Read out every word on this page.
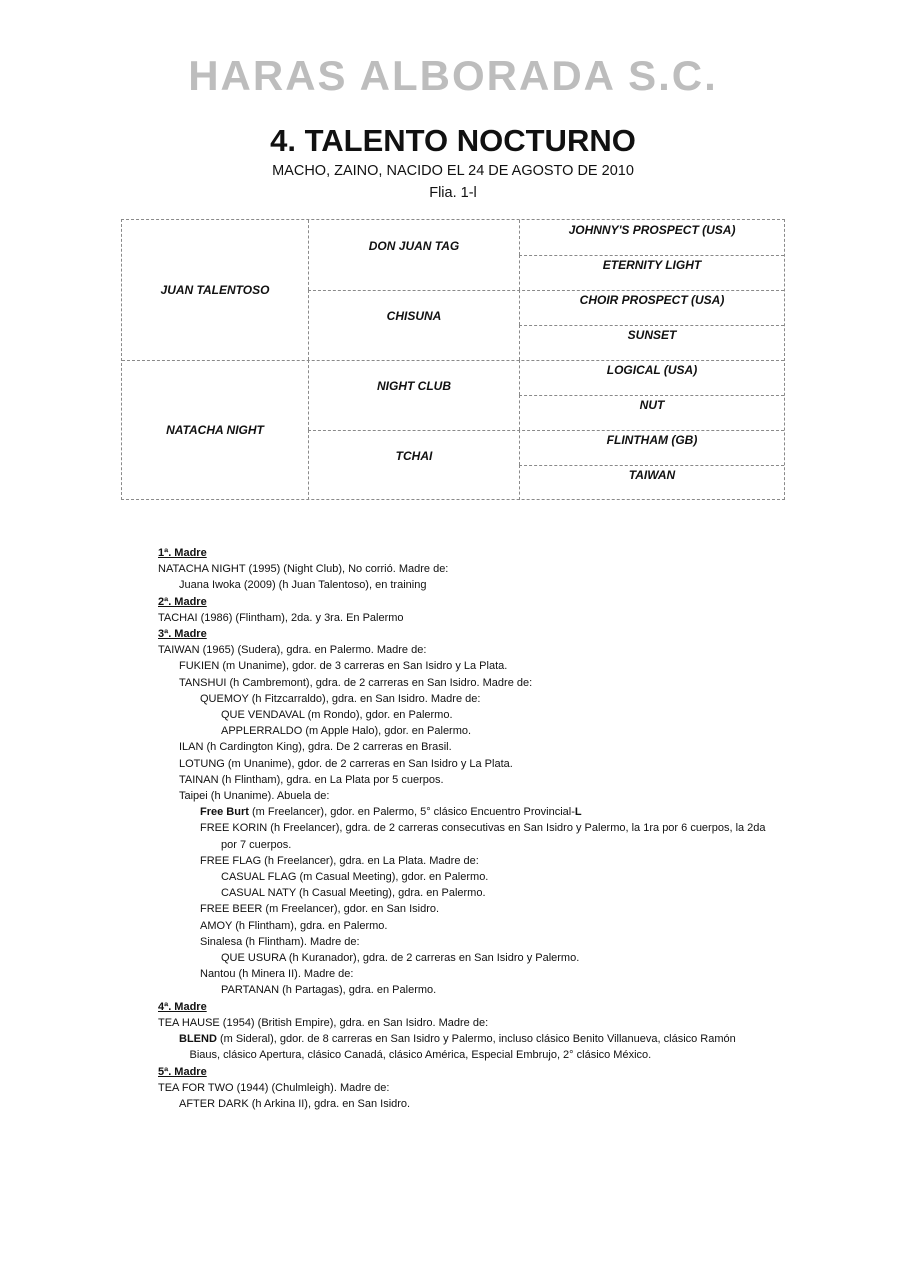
HARAS ALBORADA S.C.
4. TALENTO NOCTURNO
MACHO, ZAINO, NACIDO EL 24 DE AGOSTO DE 2010
Flia. 1-l
JUAN TALENTOSO
NATACHA NIGHT
DON JUAN TAG
CHISUNA
NIGHT CLUB
TCHAI
JOHNNY'S PROSPECT (USA)
ETERNITY LIGHT
CHOIR PROSPECT (USA)
SUNSET
LOGICAL (USA)
NUT
FLINTHAM (GB)
TAIWAN
1ª. Madre
NATACHA NIGHT (1995) (Night Club), No corrió. Madre de:
Juana Iwoka (2009) (h Juan Talentoso), en training
2ª. Madre
TACHAI (1986) (Flintham), 2da. y 3ra. En Palermo
3ª. Madre
TAIWAN (1965) (Sudera), gdra. en Palermo. Madre de:
FUKIEN (m Unanime), gdor. de 3 carreras en San Isidro y La Plata.
TANSHUI (h Cambremont), gdra. de 2 carreras en San Isidro. Madre de:
QUEMOY (h Fitzcarraldo), gdra. en San Isidro. Madre de:
QUE VENDAVAL (m Rondo), gdor. en Palermo.
APPLERRALDO (m Apple Halo), gdor. en Palermo.
ILAN (h Cardington King), gdra. De 2 carreras en Brasil.
LOTUNG (m Unanime), gdor. de 2 carreras en San Isidro y La Plata.
TAINAN (h Flintham), gdra. en La Plata por 5 cuerpos.
Taipei (h Unanime). Abuela de:
Free Burt (m Freelancer), gdor. en Palermo, 5° clásico Encuentro Provincial-L
FREE KORIN (h Freelancer), gdra. de 2 carreras consecutivas en San Isidro y Palermo, la 1ra por 6 cuerpos, la 2da
por 7 cuerpos.
FREE FLAG (h Freelancer), gdra. en La Plata. Madre de:
CASUAL FLAG (m Casual Meeting), gdor. en Palermo.
CASUAL NATY (h Casual Meeting), gdra. en Palermo.
FREE BEER (m Freelancer), gdor. en San Isidro.
AMOY (h Flintham), gdra. en Palermo.
Sinalesa (h Flintham). Madre de:
QUE USURA (h Kuranador), gdra. de 2 carreras en San Isidro y Palermo.
Nantou (h Minera II). Madre de:
PARTANAN (h Partagas), gdra. en Palermo.
4ª. Madre
TEA HAUSE (1954) (British Empire), gdra. en San Isidro. Madre de:
BLEND (m Sideral), gdor. de 8 carreras en San Isidro y Palermo, incluso clásico Benito Villanueva, clásico Ramón
Biaus, clásico Apertura, clásico Canadá, clásico América, Especial Embrujo, 2° clásico México.
5ª. Madre
TEA FOR TWO (1944) (Chulmleigh). Madre de:
AFTER DARK (h Arkina II), gdra. en San Isidro.
